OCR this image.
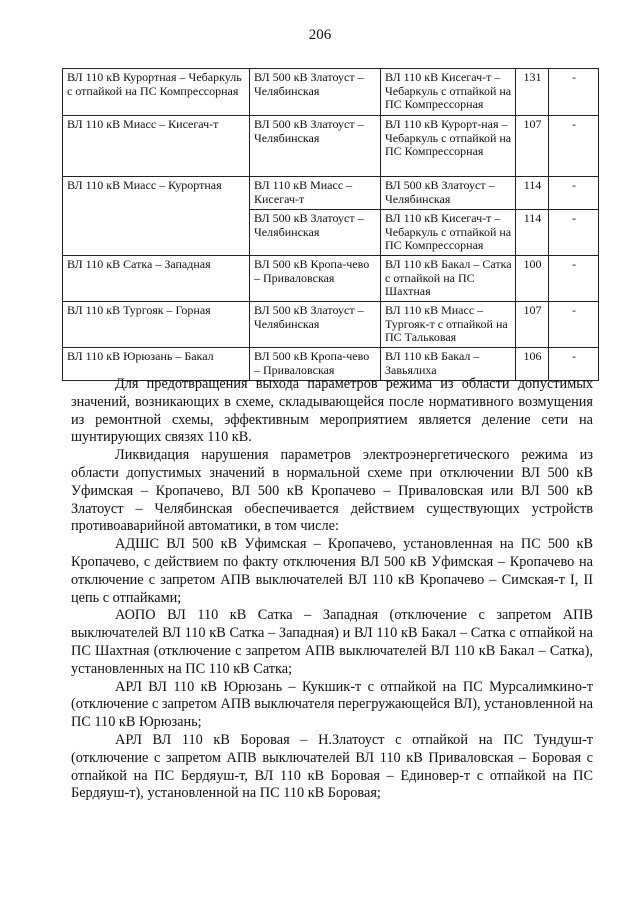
206
ВЛ 110 кВ Курортная – Чебаркуль с отпайкой на ПС Компрессорная	ВЛ 500 кВ Златоуст – Челябинская	ВЛ 110 кВ Кисегач-т – Чебаркуль с отпайкой на ПС Компрессорная	131	-
ВЛ 110 кВ Миасс – Кисегач-т	ВЛ 500 кВ Златоуст – Челябинская	ВЛ 110 кВ Курорт-ная – Чебаркуль с отпайкой на ПС Компрессорная	107	-
ВЛ 110 кВ Миасс – Курортная	ВЛ 110 кВ Миасс – Кисегач-т	ВЛ 500 кВ Златоуст – Челябинская	114	-
	ВЛ 500 кВ Златоуст – Челябинская	ВЛ 110 кВ Кисегач-т – Чебаркуль с отпайкой на ПС Компрессорная	114	-
ВЛ 110 кВ Сатка – Западная	ВЛ 500 кВ Кропа-чево – Приваловская	ВЛ 110 кВ Бакал – Сатка с отпайкой на ПС Шахтная	100	-
ВЛ 110 кВ Тургояк – Горная	ВЛ 500 кВ Златоуст – Челябинская	ВЛ 110 кВ Миасс – Тургояк-т с отпайкой на ПС Тальковая	107	-
ВЛ 110 кВ Юрюзань – Бакал	ВЛ 500 кВ Кропа-чево – Приваловская	ВЛ 110 кВ Бакал – Завьялиха	106	-

Для предотвращения выхода параметров режима из области допустимых значений, возникающих в схеме, складывающейся после нормативного возмущения из ремонтной схемы, эффективным мероприятием является деление сети на шунтирующих связях 110 кВ.

Ликвидация нарушения параметров электроэнергетического режима из области допустимых значений в нормальной схеме при отключении ВЛ 500 кВ Уфимская – Кропачево, ВЛ 500 кВ Кропачево – Приваловская или ВЛ 500 кВ Златоуст – Челябинская обеспечивается действием существующих устройств противоаварийной автоматики, в том числе:

АДШС ВЛ 500 кВ Уфимская – Кропачево, установленная на ПС 500 кВ Кропачево, с действием по факту отключения ВЛ 500 кВ Уфимская – Кропачево на отключение с запретом АПВ выключателей ВЛ 110 кВ Кропачево – Симская-т I, II цепь с отпайками;

АОПО ВЛ 110 кВ Сатка – Западная (отключение с запретом АПВ выключателей ВЛ 110 кВ Сатка – Западная) и ВЛ 110 кВ Бакал – Сатка с отпайкой на ПС Шахтная (отключение с запретом АПВ выключателей ВЛ 110 кВ Бакал – Сатка), установленных на ПС 110 кВ Сатка;

АРЛ ВЛ 110 кВ Юрюзань – Кукшик-т с отпайкой на ПС Мурсалимкино-т (отключение с запретом АПВ выключателя перегружающейся ВЛ), установленной на ПС 110 кВ Юрюзань;

АРЛ ВЛ 110 кВ Боровая – Н.Златоуст с отпайкой на ПС Тундуш-т (отключение с запретом АПВ выключателей ВЛ 110 кВ Приваловская – Боровая с отпайкой на ПС Бердяуш-т, ВЛ 110 кВ Боровая – Единовер-т с отпайкой на ПС Бердяуш-т), установленной на ПС 110 кВ Боровая;
